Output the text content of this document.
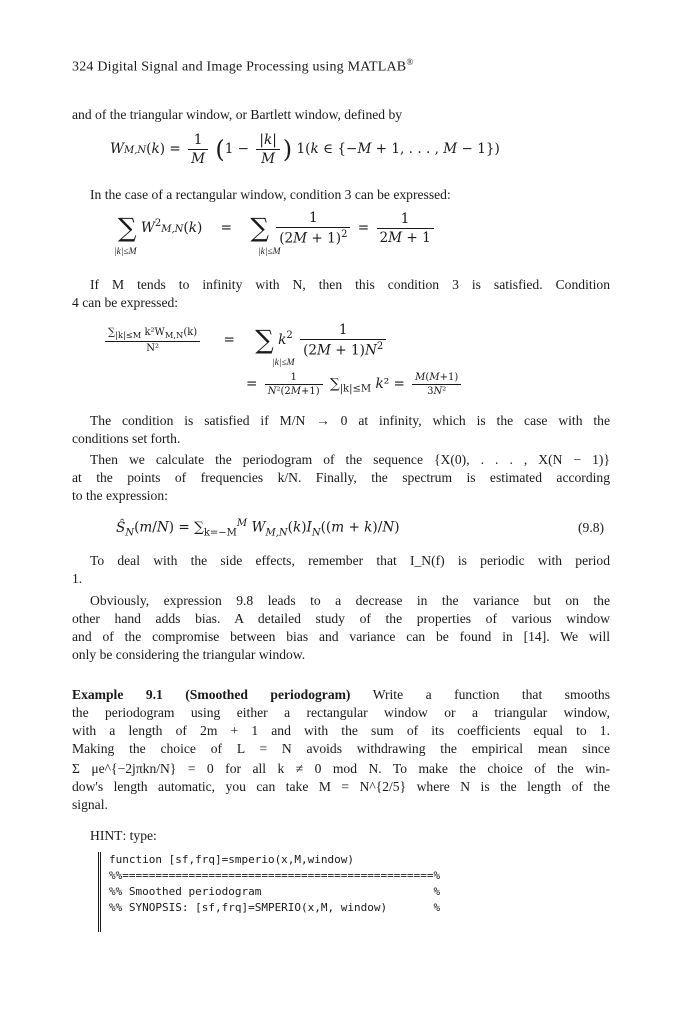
324 Digital Signal and Image Processing using MATLAB®
and of the triangular window, or Bartlett window, defined by
$WM,N(k) = \frac{1}{M} (1 - \frac{|k|}{M}$ ) 1(k ∈ {−M + 1, . . . , M − 1})
In the case of a rectangular window, condition 3 can be expressed:
∑ $W^2M,N(k)$ = ∑ $\frac{1}{(2M + 1)^2} = \frac{1}{2M + 1}$
|k|≤M	|k|≤M
If M tends to infinity with N, then this condition 3 is satisfied. Condition
4 can be expressed:
$\frac{\sum_{|k|\le M} k^2W_{M,N}(k)}{\text{N²}}$ = ∑ $k^2 \frac{1}{(2M + 1)N^2}$
|k|≤M
= $\frac{1}{\text{N²(2M+1)}} \sum_{|k|\le M}$ $k^2 = \frac{M(M+1)}{\text{3N²}}$
The condition is satisfied if M/N → 0 at infinity, which is the case with the
conditions set forth.
Then we calculate the periodogram of the sequence {X(0), . . . , X(N − 1)}
at the points of frequencies k/N. Finally, the spectrum is estimated according
to the expression:
$Ŝ_N(m/N) = \sum_{k=-M}^M$ $W_{M,N}(k)I_N((m + k)/N)$	(9.8)
To deal with the side effects, remember that I_N(f) is periodic with period
1.
Obviously, expression 9.8 leads to a decrease in the variance but on the
other hand adds bias. A detailed study of the properties of various window
and of the compromise between bias and variance can be found in [14]. We will
only be considering the triangular window.
Example 9.1 (Smoothed periodogram) Write a function that smooths
the periodogram using either a rectangular window or a triangular window,
with a length of 2m + 1 and with the sum of its coefficients equal to 1.
Making the choice of L = N avoids withdrawing the empirical mean since
Σ μe^{−2jπkn/N} = 0 for all k ≠ 0 mod N. To make the choice of the win-
dow's length automatic, you can take M = N^{2/5} where N is the length of the
signal.
HINT: type:
function [sf,frq]=smperio(x,M,window)
%%===============================================%
%% Smoothed periodogram                          %
%% SYNOPSIS: [sf,frq]=SMPERIO(x,M, window)       %
